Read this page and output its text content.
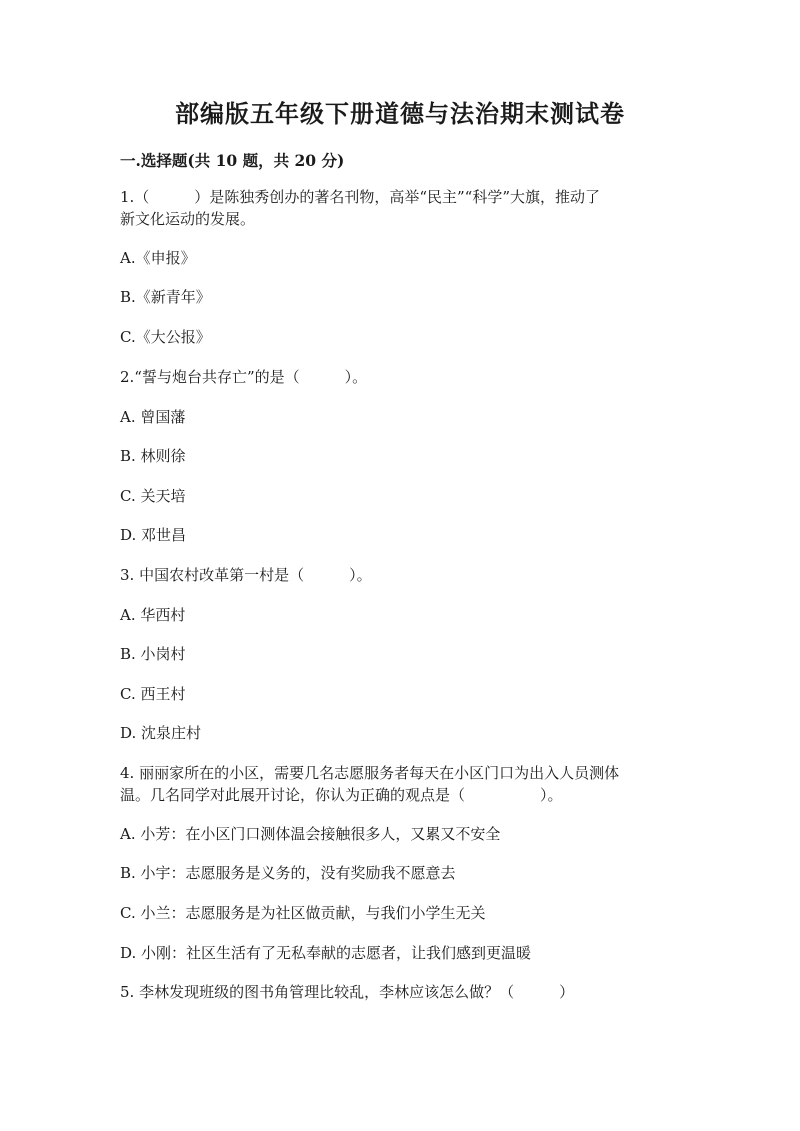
部编版五年级下册道德与法治期末测试卷
一.选择题(共 10 题，共 20 分)
1.（　　　）是陈独秀创办的著名刊物，高举“民主”“科学”大旗，推动了
新文化运动的发展。
A.《申报》
B.《新青年》
C.《大公报》
2.“誓与炮台共存亡”的是（　　　）。
A. 曾国藩
B. 林则徐
C. 关天培
D. 邓世昌
3. 中国农村改革第一村是（　　　）。
A. 华西村
B. 小岗村
C. 西王村
D. 沈泉庄村
4. 丽丽家所在的小区，需要几名志愿服务者每天在小区门口为出入人员测体
温。几名同学对此展开讨论，你认为正确的观点是（　　　　　）。
A. 小芳：在小区门口测体温会接触很多人，又累又不安全
B. 小宇：志愿服务是义务的，没有奖励我不愿意去
C. 小兰：志愿服务是为社区做贡献，与我们小学生无关
D. 小刚：社区生活有了无私奉献的志愿者，让我们感到更温暖
5. 李林发现班级的图书角管理比较乱，李林应该怎么做？（　　　）
